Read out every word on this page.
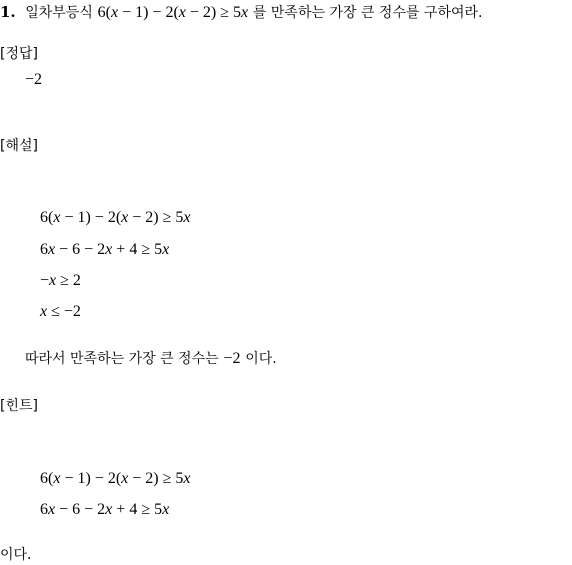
1. 일차부등식 6(x − 1) − 2(x − 2) ≥ 5x 를 만족하는 가장 큰 정수를 구하여라.
[정답]
−2
[해설]
6(x − 1) − 2(x − 2) ≥ 5x
6x − 6 − 2x + 4 ≥ 5x
−x ≥ 2
x ≤ −2
따라서 만족하는 가장 큰 정수는 −2 이다.
[힌트]
6(x − 1) − 2(x − 2) ≥ 5x
6x − 6 − 2x + 4 ≥ 5x
이다.
